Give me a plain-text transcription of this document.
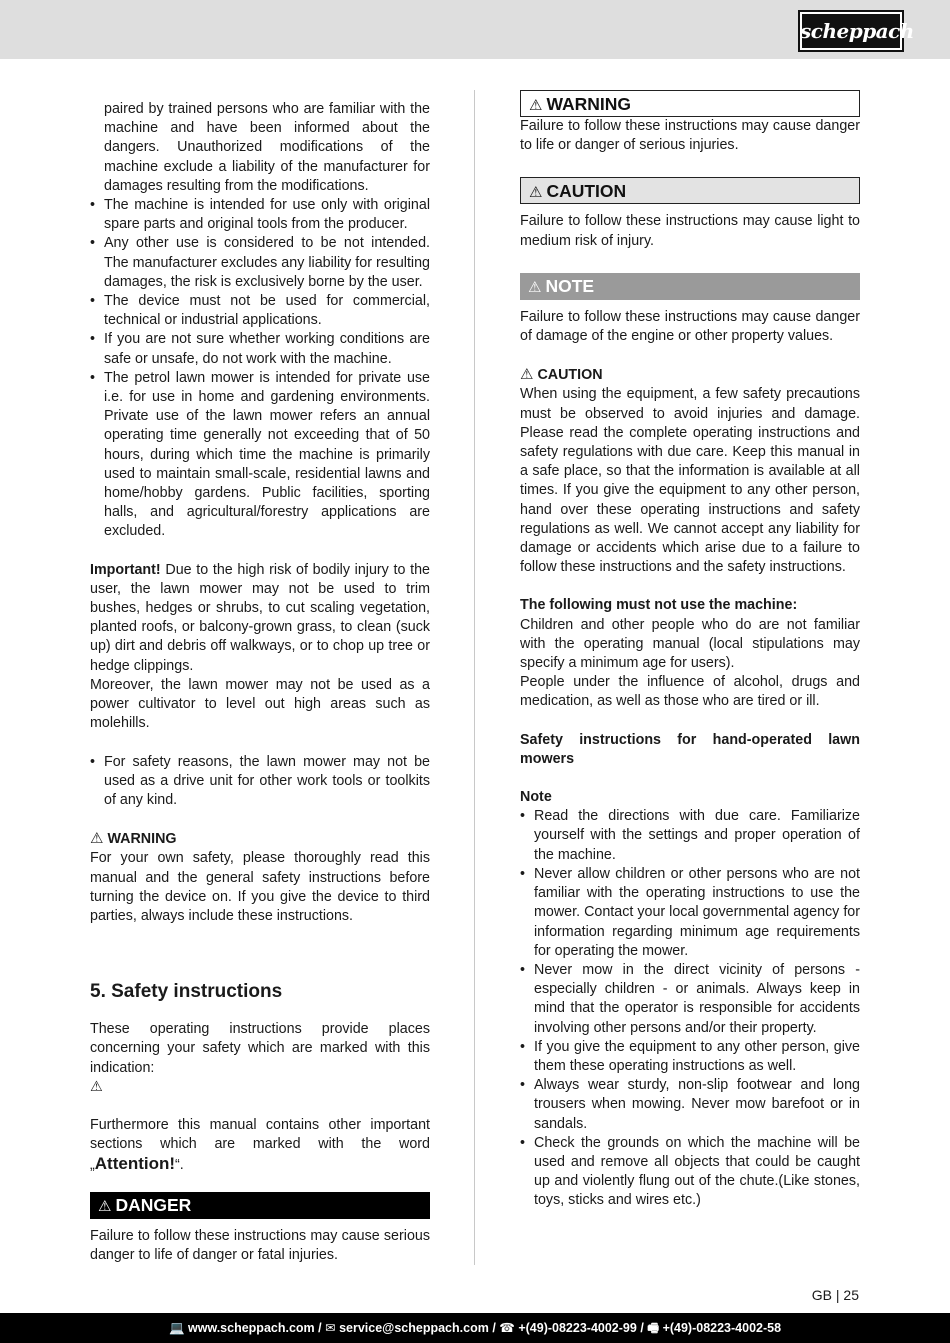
scheppach

paired by trained persons who are familiar with the machine and have been informed about the dangers. Unauthorized modifications of the machine exclude a liability of the manufacturer for damages resulting from the modifications.

• The machine is intended for use only with original spare parts and original tools from the producer.
• Any other use is considered to be not intended. The manufacturer excludes any liability for resulting damages, the risk is exclusively borne by the user.
• The device must not be used for commercial, technical or industrial applications.
• If you are not sure whether working conditions are safe or unsafe, do not work with the machine.
• The petrol lawn mower is intended for private use i.e. for use in home and gardening environments. Private use of the lawn mower refers an annual operating time generally not exceeding that of 50 hours, during which time the machine is primarily used to maintain small-scale, residential lawns and home/hobby gardens. Public facilities, sporting halls, and agricultural/forestry applications are excluded.

Important! Due to the high risk of bodily injury to the user, the lawn mower may not be used to trim bushes, hedges or shrubs, to cut scaling vegetation, planted roofs, or balcony-grown grass, to clean (suck up) dirt and debris off walkways, or to chop up tree or hedge clippings.

Moreover, the lawn mower may not be used as a power cultivator to level out high areas such as molehills.

• For safety reasons, the lawn mower may not be used as a drive unit for other work tools or toolkits of any kind.

⚠ WARNING

For your own safety, please thoroughly read this manual and the general safety instructions before turning the device on. If you give the device to third parties, always include these instructions.

5. Safety instructions

These operating instructions provide places concerning your safety which are marked with this indication:

⚠

Furthermore this manual contains other important sections which are marked with the word „Attention!“.

⚠ DANGER

Failure to follow these instructions may cause serious danger to life of danger or fatal injuries.

⚠ WARNING

Failure to follow these instructions may cause danger to life or danger of serious injuries.

⚠ CAUTION

Failure to follow these instructions may cause light to medium risk of injury.

⚠ NOTE

Failure to follow these instructions may cause danger of damage of the engine or other property values.

⚠ CAUTION

When using the equipment, a few safety precautions must be observed to avoid injuries and damage. Please read the complete operating instructions and safety regulations with due care. Keep this manual in a safe place, so that the information is available at all times. If you give the equipment to any other person, hand over these operating instructions and safety regulations as well. We cannot accept any liability for damage or accidents which arise due to a failure to follow these instructions and the safety instructions.

The following must not use the machine:

Children and other people who do are not familiar with the operating manual (local stipulations may specify a minimum age for users).

People under the influence of alcohol, drugs and medication, as well as those who are tired or ill.

Safety instructions for hand-operated lawn mowers

Note

• Read the directions with due care. Familiarize yourself with the settings and proper operation of the machine.
• Never allow children or other persons who are not familiar with the operating instructions to use the mower. Contact your local governmental agency for information regarding minimum age requirements for operating the mower.
• Never mow in the direct vicinity of persons - especially children - or animals. Always keep in mind that the operator is responsible for accidents involving other persons and/or their property.
• If you give the equipment to any other person, give them these operating instructions as well.
• Always wear sturdy, non-slip footwear and long trousers when mowing. Never mow barefoot or in sandals.
• Check the grounds on which the machine will be used and remove all objects that could be caught up and violently flung out of the chute.(Like stones, toys, sticks and wires etc.)
GB | 25
💻 www.scheppach.com / ✉ service@scheppach.com / ☎ +(49)-08223-4002-99 / 🖷 +(49)-08223-4002-58
